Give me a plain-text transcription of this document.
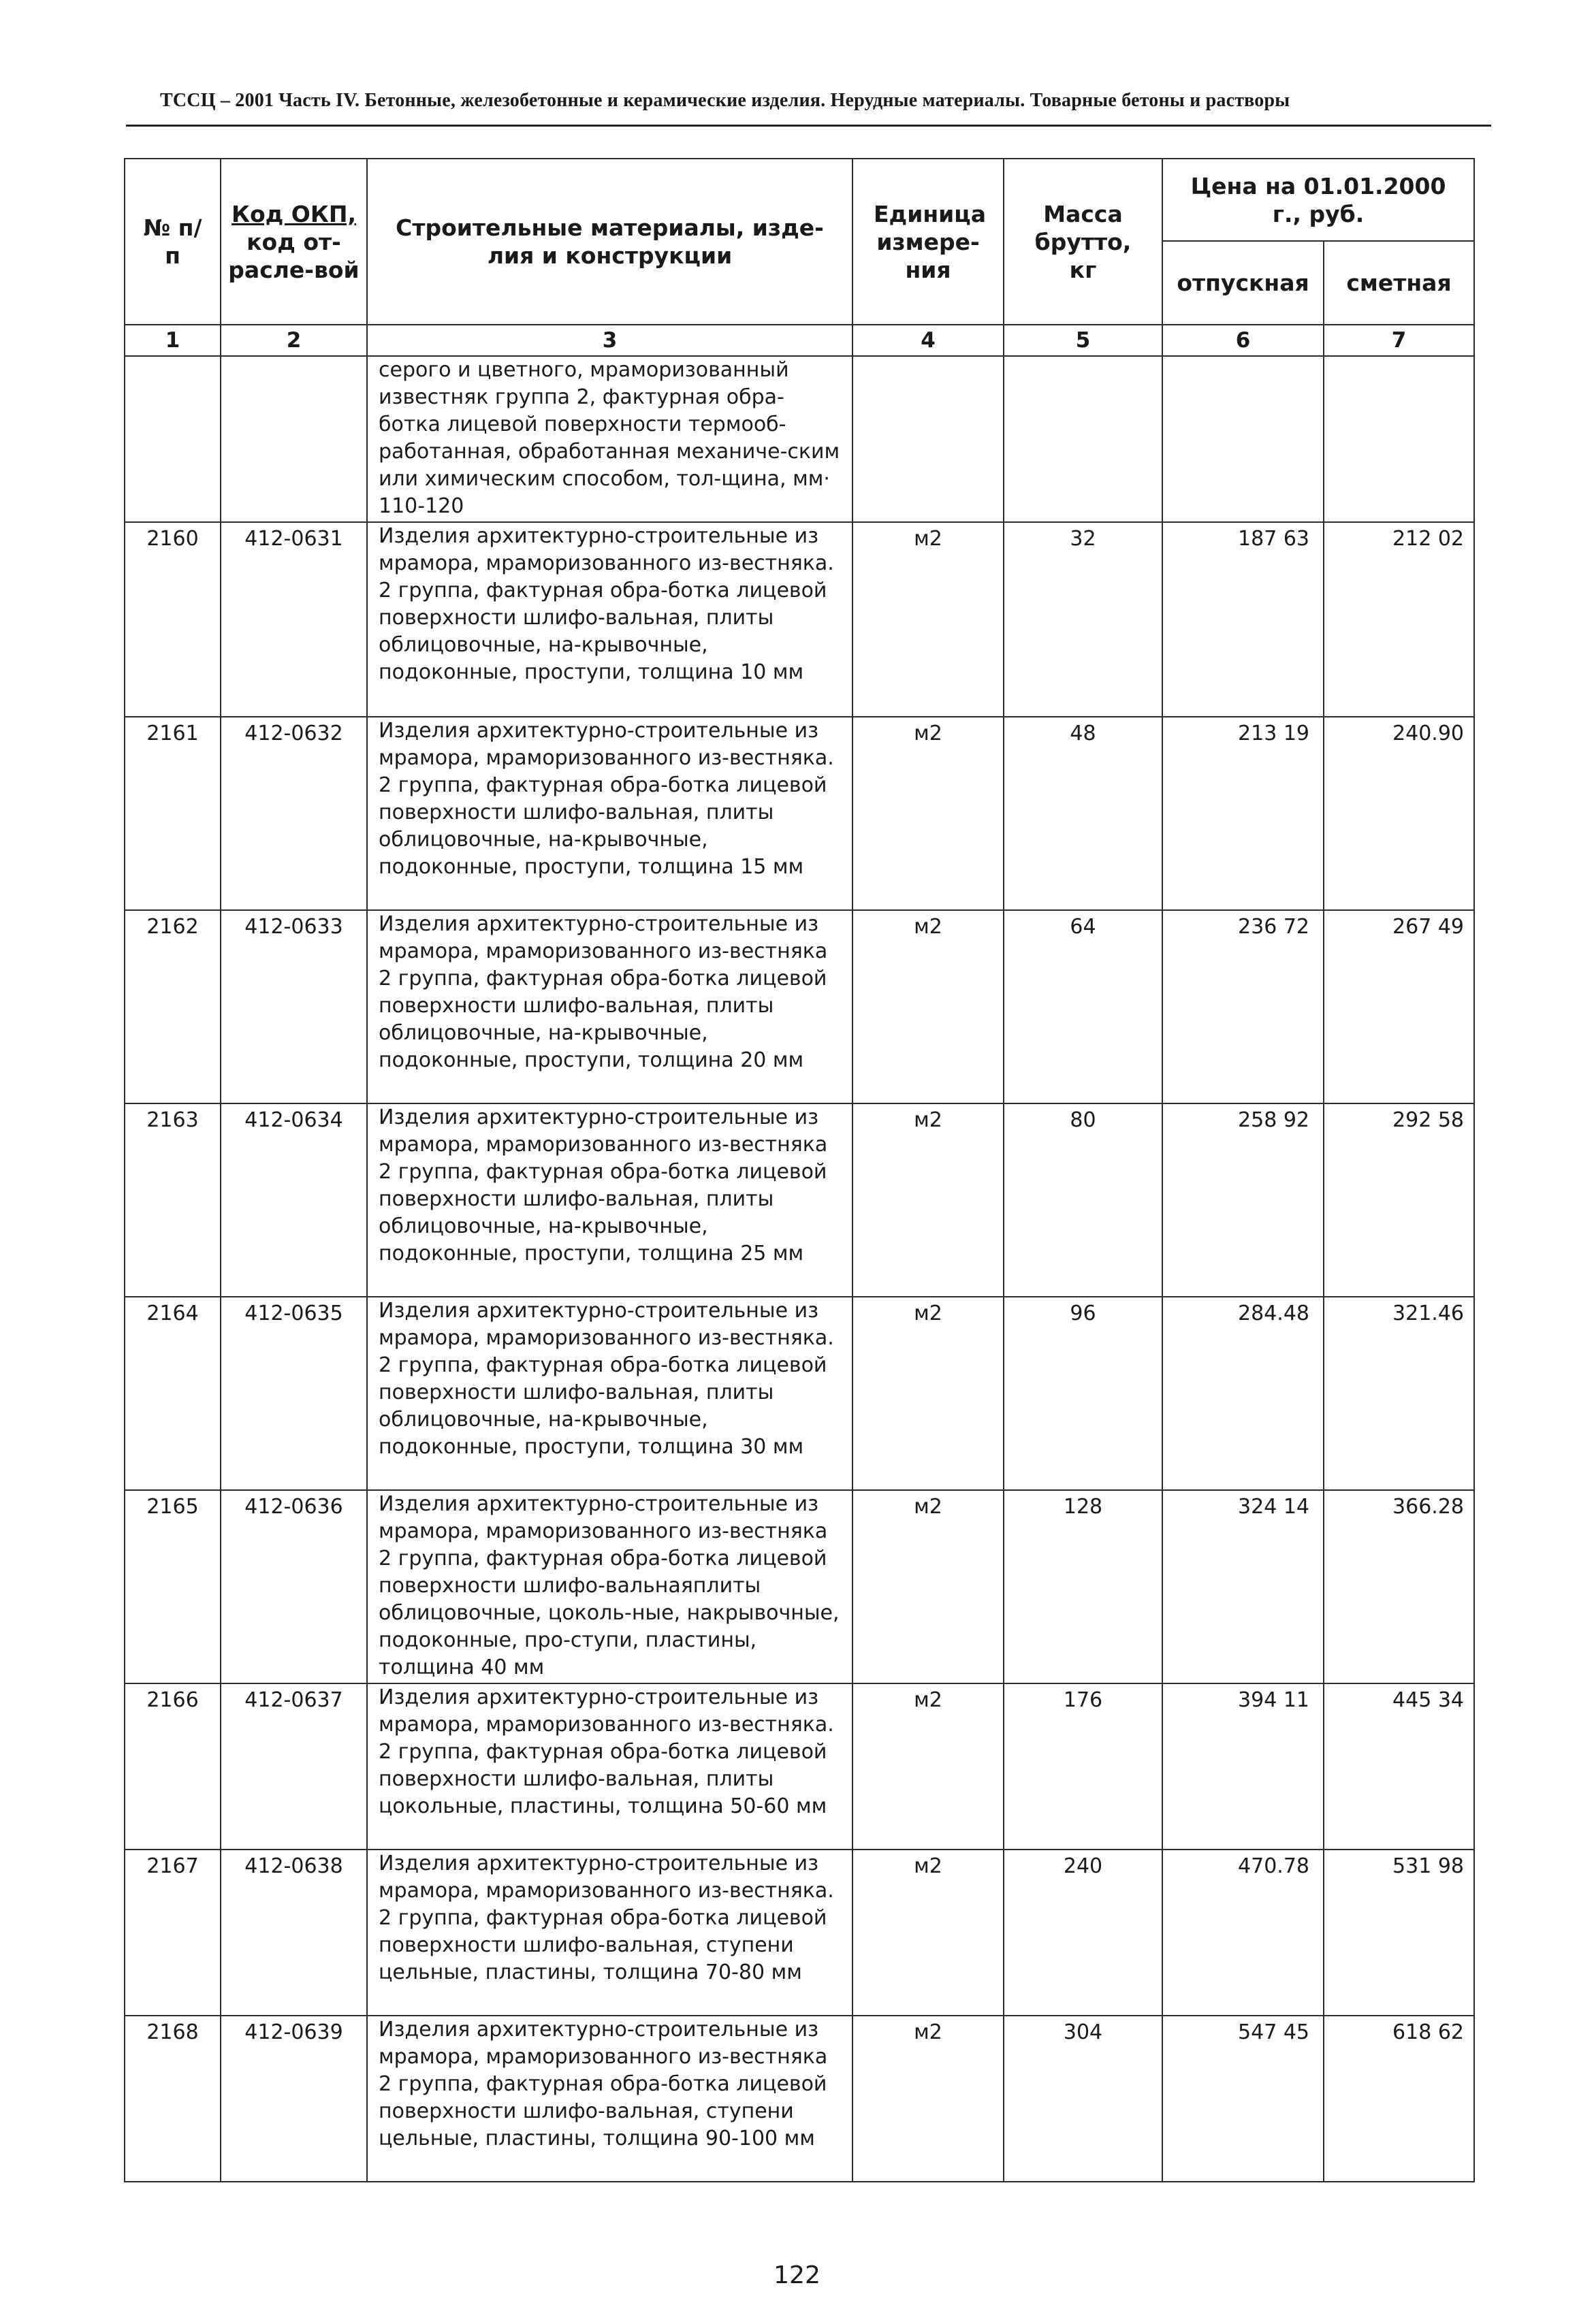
ТССЦ – 2001 Часть IV. Бетонные, железобетонные и керамические изделия. Нерудные материалы. Товарные бетоны и растворы
№ п/п	Код ОКП,
код от-расле-вой	Строительные материалы, изде-лия и конструкции	Единица измере-ния	Масса брутто, кг	Цена на 01.01.2000 г., руб.	
					отпускная	сметная
1	2	3	4	5	6	7
		серого и цветного, мраморизованный известняк группа 2, фактурная обра-ботка лицевой поверхности термооб-работанная, обработанная механиче-ским или химическим способом, тол-щина, мм· 110-120				
2160	412-0631	Изделия архитектурно-строительные из мрамора, мраморизованного из-вестняка. 2 группа, фактурная обра-ботка лицевой поверхности шлифо-вальная, плиты облицовочные, на-крывочные, подоконные, проступи, толщина 10 мм	м2	32	187 63	212 02
2161	412-0632	Изделия архитектурно-строительные из мрамора, мраморизованного из-вестняка. 2 группа, фактурная обра-ботка лицевой поверхности шлифо-вальная, плиты облицовочные, на-крывочные, подоконные, проступи, толщина 15 мм	м2	48	213 19	240.90
2162	412-0633	Изделия архитектурно-строительные из мрамора, мраморизованного из-вестняка 2 группа, фактурная обра-ботка лицевой поверхности шлифо-вальная, плиты облицовочные, на-крывочные, подоконные, проступи, толщина 20 мм	м2	64	236 72	267 49
2163	412-0634	Изделия архитектурно-строительные из мрамора, мраморизованного из-вестняка 2 группа, фактурная обра-ботка лицевой поверхности шлифо-вальная, плиты облицовочные, на-крывочные, подоконные, проступи, толщина 25 мм	м2	80	258 92	292 58
2164	412-0635	Изделия архитектурно-строительные из мрамора, мраморизованного из-вестняка. 2 группа, фактурная обра-ботка лицевой поверхности шлифо-вальная, плиты облицовочные, на-крывочные, подоконные, проступи, толщина 30 мм	м2	96	284.48	321.46
2165	412-0636	Изделия архитектурно-строительные из мрамора, мраморизованного из-вестняка 2 группа, фактурная обра-ботка лицевой поверхности шлифо-вальнаяплиты облицовочные, цоколь-ные, накрывочные, подоконные, про-ступи, пластины, толщина 40 мм	м2	128	324 14	366.28
2166	412-0637	Изделия архитектурно-строительные из мрамора, мраморизованного из-вестняка. 2 группа, фактурная обра-ботка лицевой поверхности шлифо-вальная, плиты цокольные, пластины, толщина 50-60 мм	м2	176	394 11	445 34
2167	412-0638	Изделия архитектурно-строительные из мрамора, мраморизованного из-вестняка. 2 группа, фактурная обра-ботка лицевой поверхности шлифо-вальная, ступени цельные, пластины, толщина 70-80 мм	м2	240	470.78	531 98
2168	412-0639	Изделия архитектурно-строительные из мрамора, мраморизованного из-вестняка 2 группа, фактурная обра-ботка лицевой поверхности шлифо-вальная, ступени цельные, пластины, толщина 90-100 мм	м2	304	547 45	618 62
122
